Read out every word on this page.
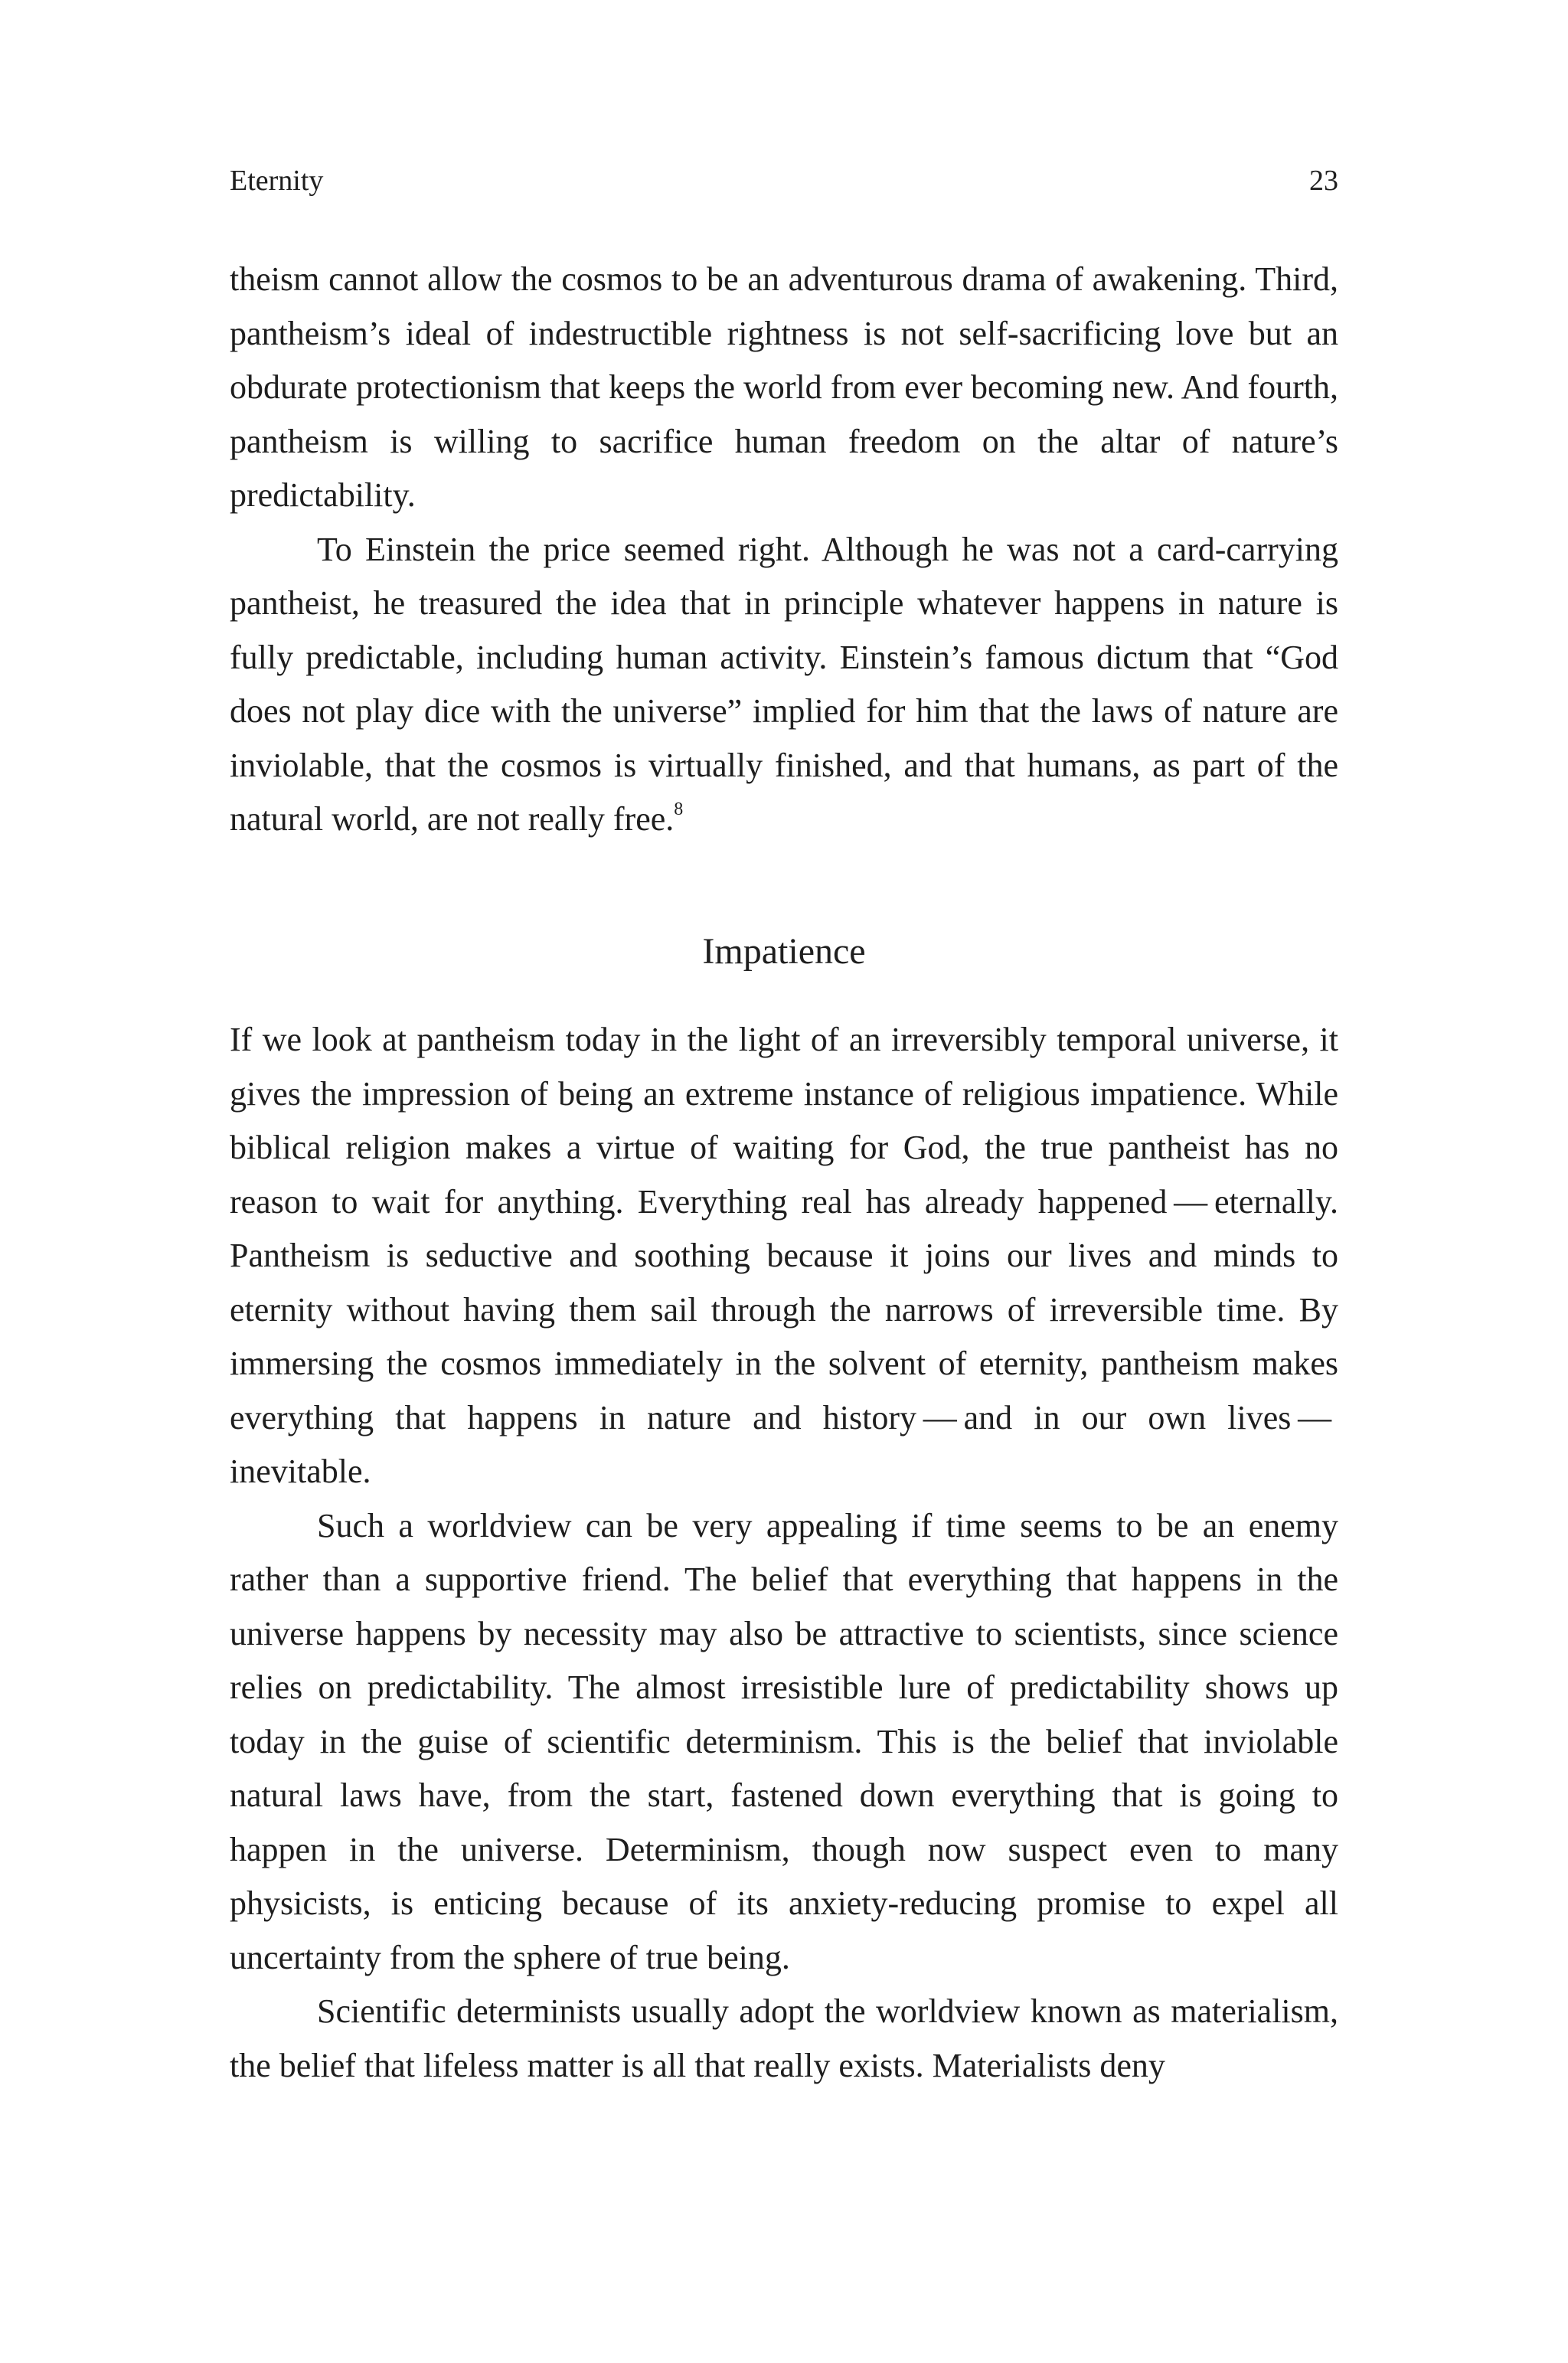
Eternity	23

theism cannot allow the cosmos to be an adventurous drama of awakening. Third, pantheism’s ideal of indestructible rightness is not self-sacrificing love but an obdurate protectionism that keeps the world from ever becoming new. And fourth, pantheism is willing to sacrifice human freedom on the altar of nature’s predictability.

To Einstein the price seemed right. Although he was not a card-carrying pantheist, he treasured the idea that in principle whatever happens in nature is fully predictable, including human activity. Einstein’s famous dictum that “God does not play dice with the universe” implied for him that the laws of nature are inviolable, that the cosmos is virtually finished, and that humans, as part of the natural world, are not really free.$^8$

Impatience

If we look at pantheism today in the light of an irreversibly temporal universe, it gives the impression of being an extreme instance of religious impatience. While biblical religion makes a virtue of waiting for God, the true pantheist has no reason to wait for anything. Everything real has already happened — eternally. Pantheism is seductive and soothing because it joins our lives and minds to eternity without having them sail through the narrows of irreversible time. By immersing the cosmos immediately in the solvent of eternity, pantheism makes everything that happens in nature and history — and in our own lives — inevitable.

Such a worldview can be very appealing if time seems to be an enemy rather than a supportive friend. The belief that everything that happens in the universe happens by necessity may also be attractive to scientists, since science relies on predictability. The almost irresistible lure of predictability shows up today in the guise of scientific determinism. This is the belief that inviolable natural laws have, from the start, fastened down everything that is going to happen in the universe. Determinism, though now suspect even to many physicists, is enticing because of its anxiety-reducing promise to expel all uncertainty from the sphere of true being.

Scientific determinists usually adopt the worldview known as materialism, the belief that lifeless matter is all that really exists. Materialists deny
